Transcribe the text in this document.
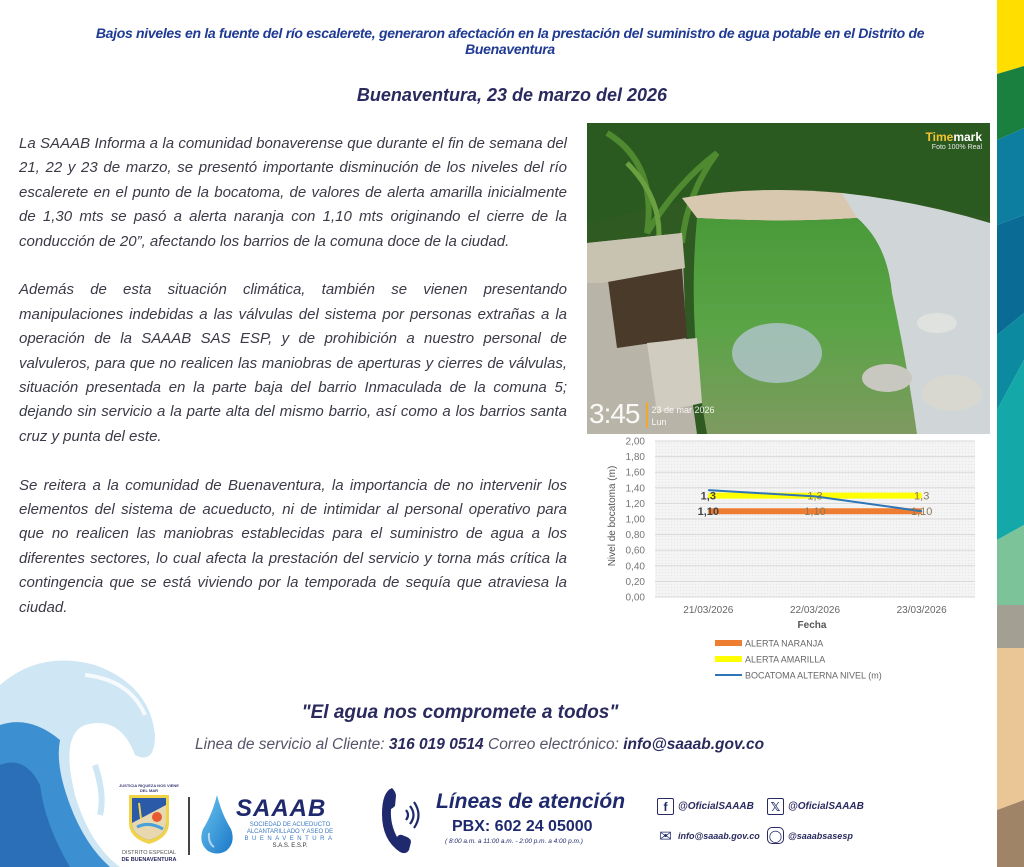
Bajos niveles en la fuente del río escalerete, generaron afectación en la prestación del suministro de agua potable en el Distrito de Buenaventura
Buenaventura, 23 de marzo del 2026

La SAAAB Informa a la comunidad bonaverense que durante el fin de semana del 21, 22 y 23 de marzo, se presentó importante disminución de los niveles del río escalerete en el punto de la bocatoma, de valores de alerta amarilla inicialmente de 1,30 mts se pasó a alerta naranja con 1,10 mts originando el cierre de la conducción de 20”, afectando los barrios de la comuna doce de la ciudad.

Además de esta situación climática, también se vienen presentando manipulaciones indebidas a las válvulas del sistema por personas extrañas a la operación de la SAAAB SAS ESP, y de prohibición a nuestro personal de valvuleros, para que no realicen las maniobras de aperturas y cierres de válvulas, situación presentada en la parte baja del barrio Inmaculada de la comuna 5; dejando sin servicio a la parte alta del mismo barrio, así como a los barrios santa cruz y punta del este.

Se reitera a la comunidad de Buenaventura, la importancia de no intervenir los elementos del sistema de acueducto, ni de intimidar al personal operativo para que no realicen las maniobras establecidas para el suministro de agua a los diferentes sectores, lo cual afecta la prestación del servicio y torna más crítica la contingencia que se está viviendo por la temporada de sequía que atraviesa la ciudad.

Timemark
Foto 100% Real
3:45 23 de mar 2026
Lun
0,00
0,20
0,40
0,60
0,80
1,00
1,20
1,40
1,60
1,80
2,00
21/03/2026	22/03/2026	23/03/2026
1,10	1,10	1,10
1,3	1,3	1,3
Nivel de bocatoma (m)
Fecha
ALERTA NARANJA
ALERTA AMARILLA
BOCATOMA ALTERNA NIVEL (m)
"El agua nos compromete a todos"
Linea de servicio al Cliente: 316 019 0514 Correo electrónico: info@saaab.gov.co
JUSTICIA RIQUEZA NOS VIENE DEL MAR
DISTRITO ESPECIAL
DE BUENAVENTURA
SAAAB
SOCIEDAD DE ACUEDUCTO
ALCANTARILLADO Y ASEO DE
BUENAVENTURA
S.A.S. E.S.P.
Líneas de atención
PBX: 602 24 05000
( 8:00 a.m. a 11:00 a.m. - 2:00 p.m. a 4:00 p.m.)
f	@OficialSAAAB	𝕏 @OficialSAAAB
✉ info@saaab.gov.co ◯ @saaabsasesp
